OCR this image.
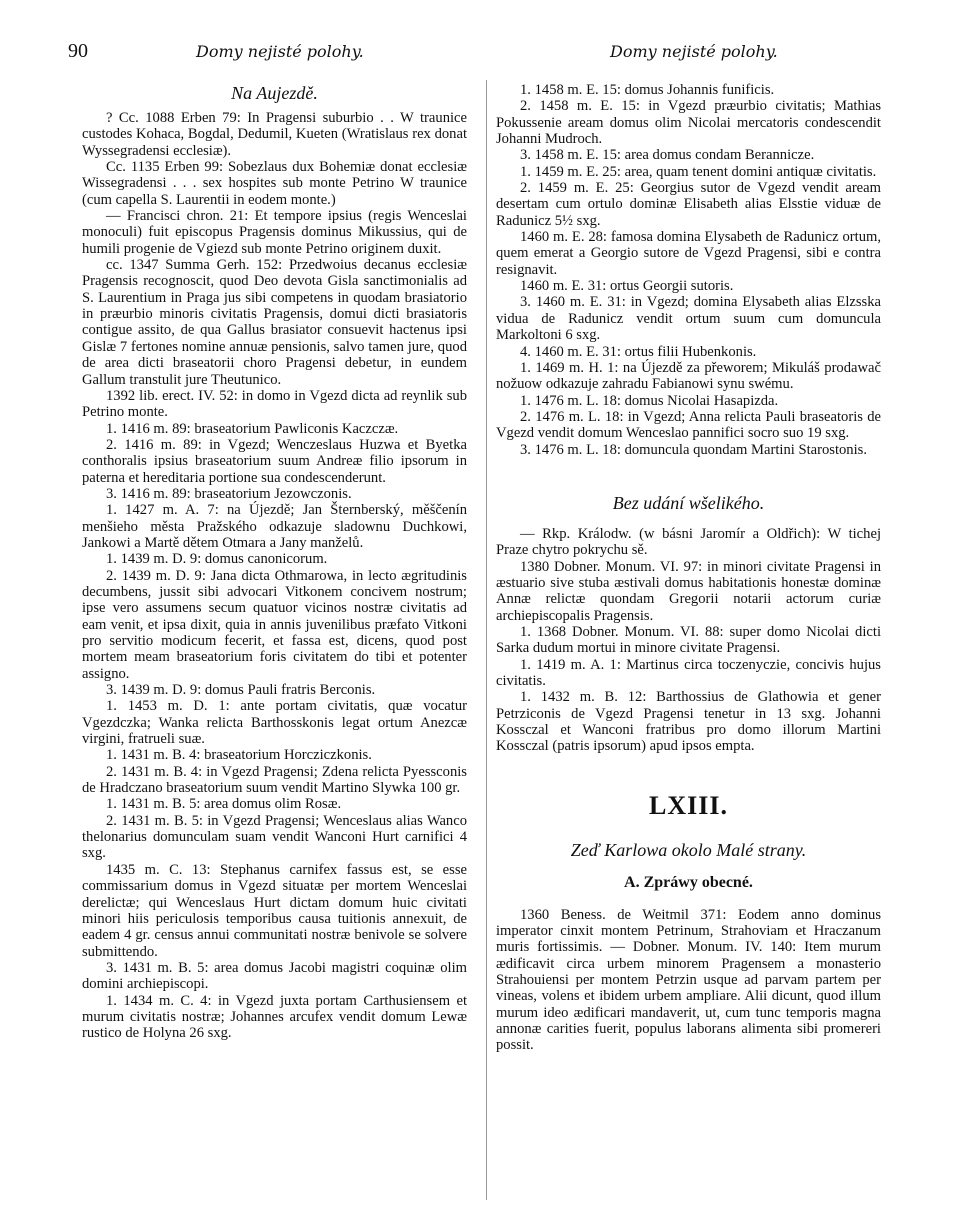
90	Domy nejisté polohy.	Domy nejisté polohy.
Na Aujezdě.

? Cc. 1088 Erben 79: In Pragensi suburbio . . W traunice custodes Kohaca, Bogdal, Dedumil, Kueten (Wratislaus rex donat Wyssegradensi ecclesiæ).

Cc. 1135 Erben 99: Sobezlaus dux Bohemiæ donat ecclesiæ Wissegradensi . . . sex hospites sub monte Petrino W traunice (cum capella S. Laurentii in eodem monte.)

— Francisci chron. 21: Et tempore ipsius (regis Wenceslai monoculi) fuit episcopus Pragensis dominus Mikussius, qui de humili progenie de Vgiezd sub monte Petrino originem duxit.

cc. 1347 Summa Gerh. 152: Przedwoius decanus ecclesiæ Pragensis recognoscit, quod Deo devota Gisla sanctimonialis ad S. Laurentium in Praga jus sibi competens in quodam brasiatorio in præurbio minoris civitatis Pragensis, domui dicti brasiatoris contigue assito, de qua Gallus brasiator consuevit hactenus ipsi Gislæ 7 fertones nomine annuæ pensionis, salvo tamen jure, quod de area dicti braseatorii choro Pragensi debetur, in eundem Gallum transtulit jure Theutunico.

1392 lib. erect. IV. 52: in domo in Vgezd dicta ad reynlik sub Petrino monte.

1. 1416 m. 89: braseatorium Pawliconis Kaczczæ.

2. 1416 m. 89: in Vgezd; Wenczeslaus Huzwa et Byetka conthoralis ipsius braseatorium suum Andreæ filio ipsorum in paterna et hereditaria portione sua condescenderunt.

3. 1416 m. 89: braseatorium Jezowczonis.

1. 1427 m. A. 7: na Újezdě; Jan Šternberský, měščenín menšieho města Pražského odkazuje sladownu Duchkowi, Jankowi a Martě dětem Otmara a Jany manželů.

1. 1439 m. D. 9: domus canonicorum.

2. 1439 m. D. 9: Jana dicta Othmarowa, in lecto ægritudinis decumbens, jussit sibi advocari Vitkonem concivem nostrum; ipse vero assumens secum quatuor vicinos nostræ civitatis ad eam venit, et ipsa dixit, quia in annis juvenilibus præfato Vitkoni pro servitio modicum fecerit, et fassa est, dicens, quod post mortem meam braseatorium foris civitatem do tibi et potenter assigno.

3. 1439 m. D. 9: domus Pauli fratris Berconis.

1. 1453 m. D. 1: ante portam civitatis, quæ vocatur Vgezdczka; Wanka relicta Barthosskonis legat ortum Anezcæ virgini, fratrueli suæ.

1. 1431 m. B. 4: braseatorium Horcziczkonis.

2. 1431 m. B. 4: in Vgezd Pragensi; Zdena relicta Pyessconis de Hradczano braseatorium suum vendit Martino Slywka 100 gr.

1. 1431 m. B. 5: area domus olim Rosæ.

2. 1431 m. B. 5: in Vgezd Pragensi; Wenceslaus alias Wanco thelonarius domunculam suam vendit Wanconi Hurt carnifici 4 sxg.

1435 m. C. 13: Stephanus carnifex fassus est, se esse commissarium domus in Vgezd situatæ per mortem Wenceslai derelictæ; qui Wenceslaus Hurt dictam domum huic civitati minori hiis periculosis temporibus causa tuitionis annexuit, de eadem 4 gr. census annui communitati nostræ benivole se solvere submittendo.

3. 1431 m. B. 5: area domus Jacobi magistri coquinæ olim domini archiepiscopi.

1. 1434 m. C. 4: in Vgezd juxta portam Carthusiensem et murum civitatis nostræ; Johannes arcufex vendit domum Lewæ rustico de Holyna 26 sxg.

1. 1458 m. E. 15: domus Johannis funificis.

2. 1458 m. E. 15: in Vgezd præurbio civitatis; Mathias Pokussenie aream domus olim Nicolai mercatoris condescendit Johanni Mudroch.

3. 1458 m. E. 15: area domus condam Berannicze.

1. 1459 m. E. 25: area, quam tenent domini antiquæ civitatis.

2. 1459 m. E. 25: Georgius sutor de Vgezd vendit aream desertam cum ortulo dominæ Elisabeth alias Elsstie viduæ de Radunicz 5½ sxg.

1460 m. E. 28: famosa domina Elysabeth de Radunicz ortum, quem emerat a Georgio sutore de Vgezd Pragensi, sibi e contra resignavit.

1460 m. E. 31: ortus Georgii sutoris.

3. 1460 m. E. 31: in Vgezd; domina Elysabeth alias Elzsska vidua de Radunicz vendit ortum suum cum domuncula Markoltoni 6 sxg.

4. 1460 m. E. 31: ortus filii Hubenkonis.

1. 1469 m. H. 1: na Újezdě za přeworem; Mikuláš prodawač nožuow odkazuje zahradu Fabianowi synu swému.

1. 1476 m. L. 18: domus Nicolai Hasapizda.

2. 1476 m. L. 18: in Vgezd; Anna relicta Pauli braseatoris de Vgezd vendit domum Wenceslao pannifici socro suo 19 sxg.

3. 1476 m. L. 18: domuncula quondam Martini Starostonis.

Bez udání wšelikého.

— Rkp. Králodw. (w básni Jaromír a Oldřich): W tichej Praze chytro pokrychu sě.

1380 Dobner. Monum. VI. 97: in minori civitate Pragensi in æstuario sive stuba æstivali domus habitationis honestæ dominæ Annæ relictæ quondam Gregorii notarii actorum curiæ archiepiscopalis Pragensis.

1. 1368 Dobner. Monum. VI. 88: super domo Nicolai dicti Sarka dudum mortui in minore civitate Pragensi.

1. 1419 m. A. 1: Martinus circa toczenyczie, concivis hujus civitatis.

1. 1432 m. B. 12: Barthossius de Glathowia et gener Petrziconis de Vgezd Pragensi tenetur in 13 sxg. Johanni Kossczal et Wanconi fratribus pro domo illorum Martini Kossczal (patris ipsorum) apud ipsos empta.

LXIII.
Zeď Karlowa okolo Malé strany.
A. Zpráwy obecné.

1360 Beness. de Weitmil 371: Eodem anno dominus imperator cinxit montem Petrinum, Strahoviam et Hraczanum muris fortissimis. — Dobner. Monum. IV. 140: Item murum ædificavit circa urbem minorem Pragensem a monasterio Strahouiensi per montem Petrzin usque ad parvam partem per vineas, volens et ibidem urbem ampliare. Alii dicunt, quod illum murum ideo ædificari mandaverit, ut, cum tunc temporis magna annonæ carities fuerit, populus laborans alimenta sibi promereri possit.
